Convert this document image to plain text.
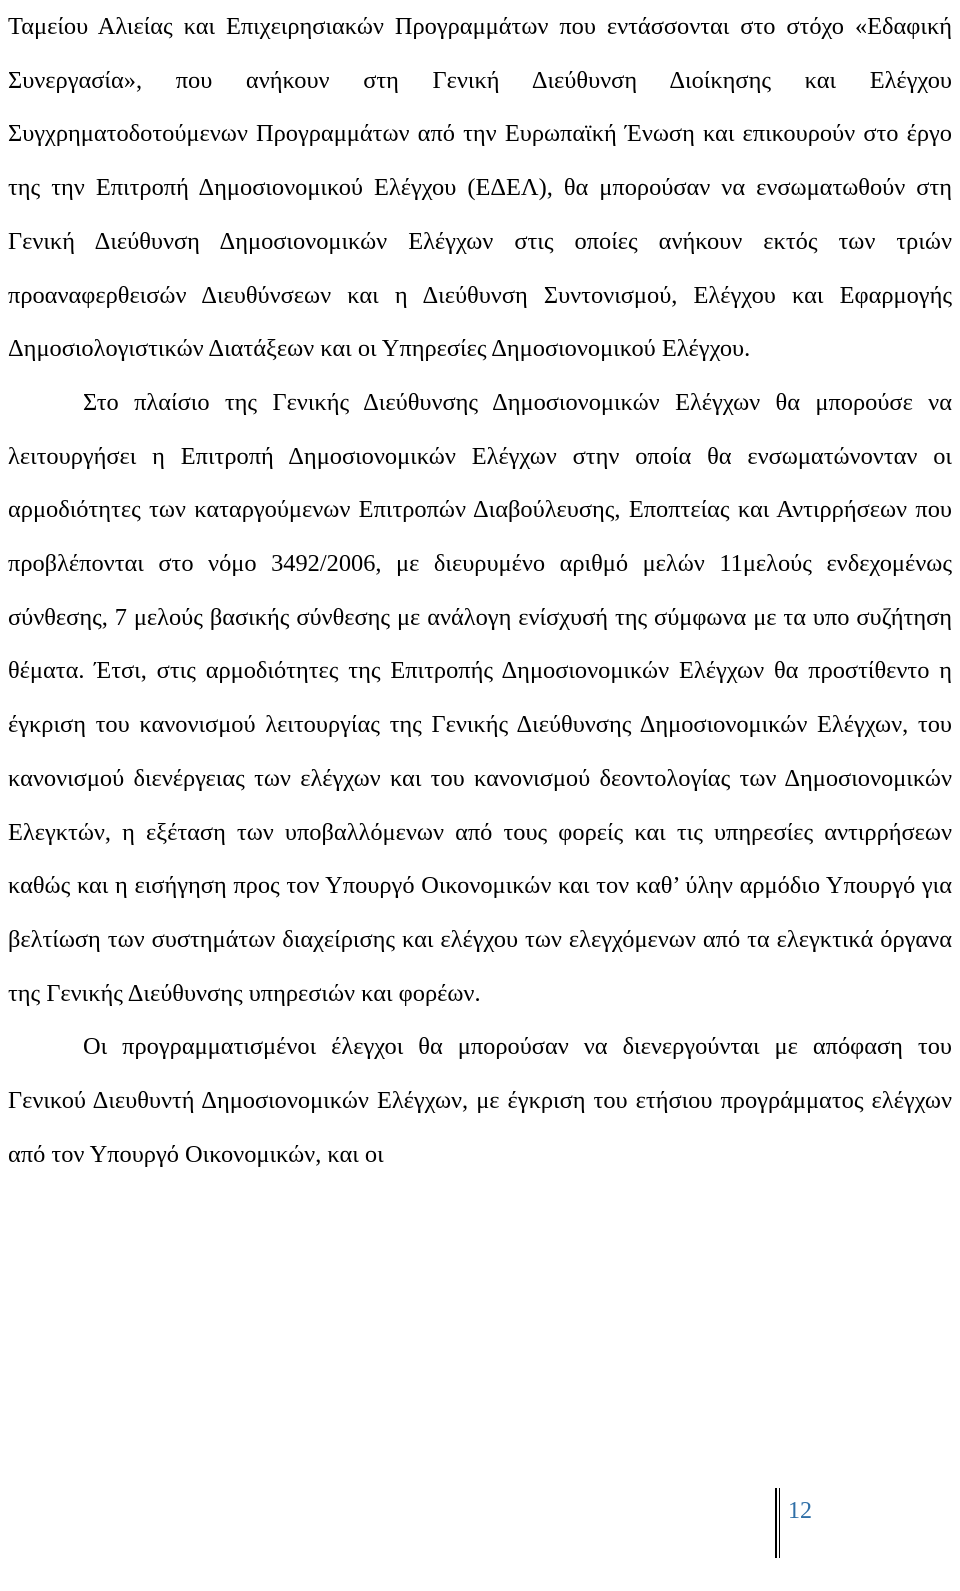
Ταμείου Αλιείας και Επιχειρησιακών Προγραμμάτων που εντάσσονται στο στόχο «Εδαφική Συνεργασία», που ανήκουν στη Γενική Διεύθυνση Διοίκησης και Ελέγχου Συγχρηματοδοτούμενων Προγραμμάτων από την Ευρωπαϊκή Ένωση και επικουρούν στο έργο της την Επιτροπή Δημοσιονομικού Ελέγχου (ΕΔΕΛ), θα μπορούσαν να ενσωματωθούν στη Γενική Διεύθυνση Δημοσιονομικών Ελέγχων στις οποίες ανήκουν εκτός των τριών προαναφερθεισών Διευθύνσεων και η Διεύθυνση Συντονισμού, Ελέγχου και Εφαρμογής Δημοσιολογιστικών Διατάξεων και οι Υπηρεσίες Δημοσιονομικού Ελέγχου.

Στο πλαίσιο της Γενικής Διεύθυνσης Δημοσιονομικών Ελέγχων θα μπορούσε να λειτουργήσει η Επιτροπή Δημοσιονομικών Ελέγχων στην οποία θα ενσωματώνονταν οι αρμοδιότητες των καταργούμενων Επιτροπών Διαβούλευσης, Εποπτείας και Αντιρρήσεων που προβλέπονται στο νόμο 3492/2006, με διευρυμένο αριθμό μελών 11μελούς ενδεχομένως σύνθεσης, 7 μελούς βασικής σύνθεσης με ανάλογη ενίσχυσή της σύμφωνα με τα υπο συζήτηση θέματα. Έτσι, στις αρμοδιότητες της Επιτροπής Δημοσιονομικών Ελέγχων θα προστίθεντο η έγκριση του κανονισμού λειτουργίας της Γενικής Διεύθυνσης Δημοσιονομικών Ελέγχων, του κανονισμού διενέργειας των ελέγχων και του κανονισμού δεοντολογίας των Δημοσιονομικών Ελεγκτών, η εξέταση των υποβαλλόμενων από τους φορείς και τις υπηρεσίες αντιρρήσεων καθώς και η εισήγηση προς τον Υπουργό Οικονομικών και τον καθ’ ύλην αρμόδιο Υπουργό για βελτίωση των συστημάτων διαχείρισης και ελέγχου των ελεγχόμενων από τα ελεγκτικά όργανα της Γενικής Διεύθυνσης υπηρεσιών και φορέων.

Οι προγραμματισμένοι έλεγχοι θα μπορούσαν να διενεργούνται με απόφαση του Γενικού Διευθυντή Δημοσιονομικών Ελέγχων, με έγκριση του ετήσιου προγράμματος ελέγχων από τον Υπουργό Οικονομικών, και οι

12
